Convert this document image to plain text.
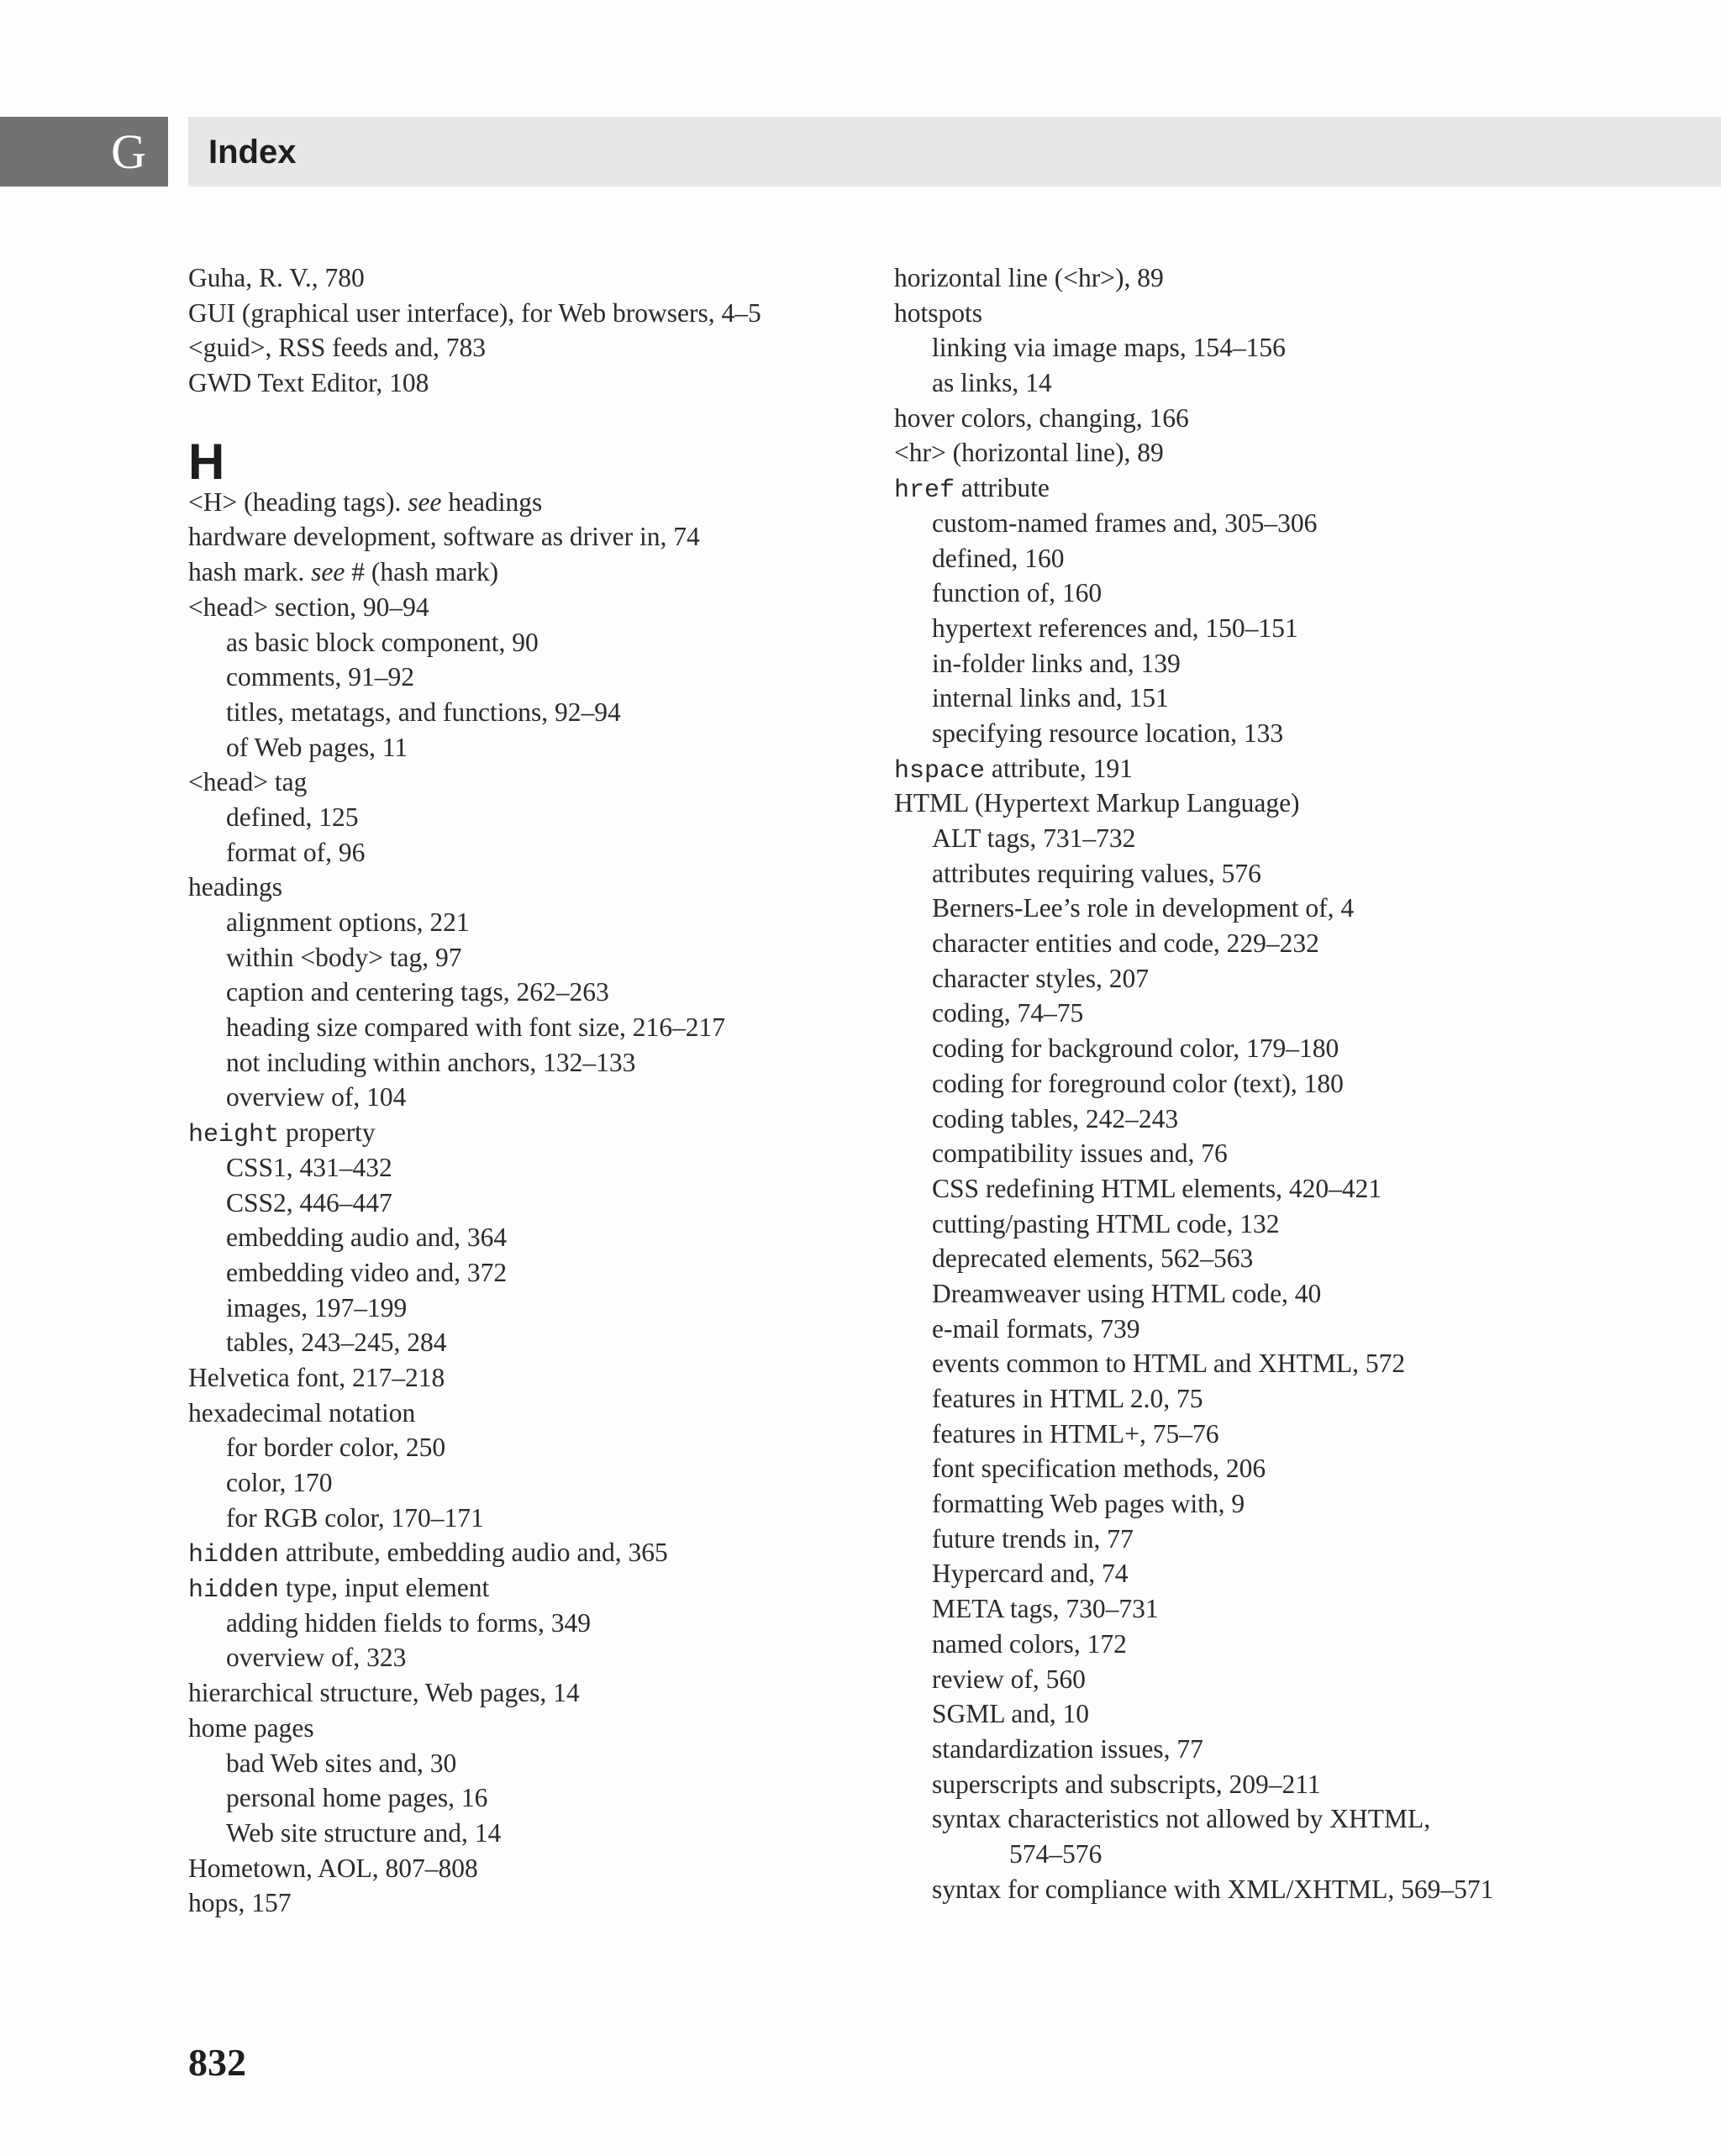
G Index
Guha, R. V., 780
GUI (graphical user interface), for Web browsers, 4–5
<guid>, RSS feeds and, 783
GWD Text Editor, 108
H
<H> (heading tags). see headings
hardware development, software as driver in, 74
hash mark. see # (hash mark)
<head> section, 90–94
as basic block component, 90
comments, 91–92
titles, metatags, and functions, 92–94
of Web pages, 11
<head> tag
defined, 125
format of, 96
headings
alignment options, 221
within <body> tag, 97
caption and centering tags, 262–263
heading size compared with font size, 216–217
not including within anchors, 132–133
overview of, 104
height property
CSS1, 431–432
CSS2, 446–447
embedding audio and, 364
embedding video and, 372
images, 197–199
tables, 243–245, 284
Helvetica font, 217–218
hexadecimal notation
for border color, 250
color, 170
for RGB color, 170–171
hidden attribute, embedding audio and, 365
hidden type, input element
adding hidden fields to forms, 349
overview of, 323
hierarchical structure, Web pages, 14
home pages
bad Web sites and, 30
personal home pages, 16
Web site structure and, 14
Hometown, AOL, 807–808
hops, 157
horizontal line (<hr>), 89
hotspots
linking via image maps, 154–156
as links, 14
hover colors, changing, 166
<hr> (horizontal line), 89
href attribute
custom-named frames and, 305–306
defined, 160
function of, 160
hypertext references and, 150–151
in-folder links and, 139
internal links and, 151
specifying resource location, 133
hspace attribute, 191
HTML (Hypertext Markup Language)
ALT tags, 731–732
attributes requiring values, 576
Berners-Lee’s role in development of, 4
character entities and code, 229–232
character styles, 207
coding, 74–75
coding for background color, 179–180
coding for foreground color (text), 180
coding tables, 242–243
compatibility issues and, 76
CSS redefining HTML elements, 420–421
cutting/pasting HTML code, 132
deprecated elements, 562–563
Dreamweaver using HTML code, 40
e-mail formats, 739
events common to HTML and XHTML, 572
features in HTML 2.0, 75
features in HTML+, 75–76
font specification methods, 206
formatting Web pages with, 9
future trends in, 77
Hypercard and, 74
META tags, 730–731
named colors, 172
review of, 560
SGML and, 10
standardization issues, 77
superscripts and subscripts, 209–211
syntax characteristics not allowed by XHTML,
574–576
syntax for compliance with XML/XHTML, 569–571
832
